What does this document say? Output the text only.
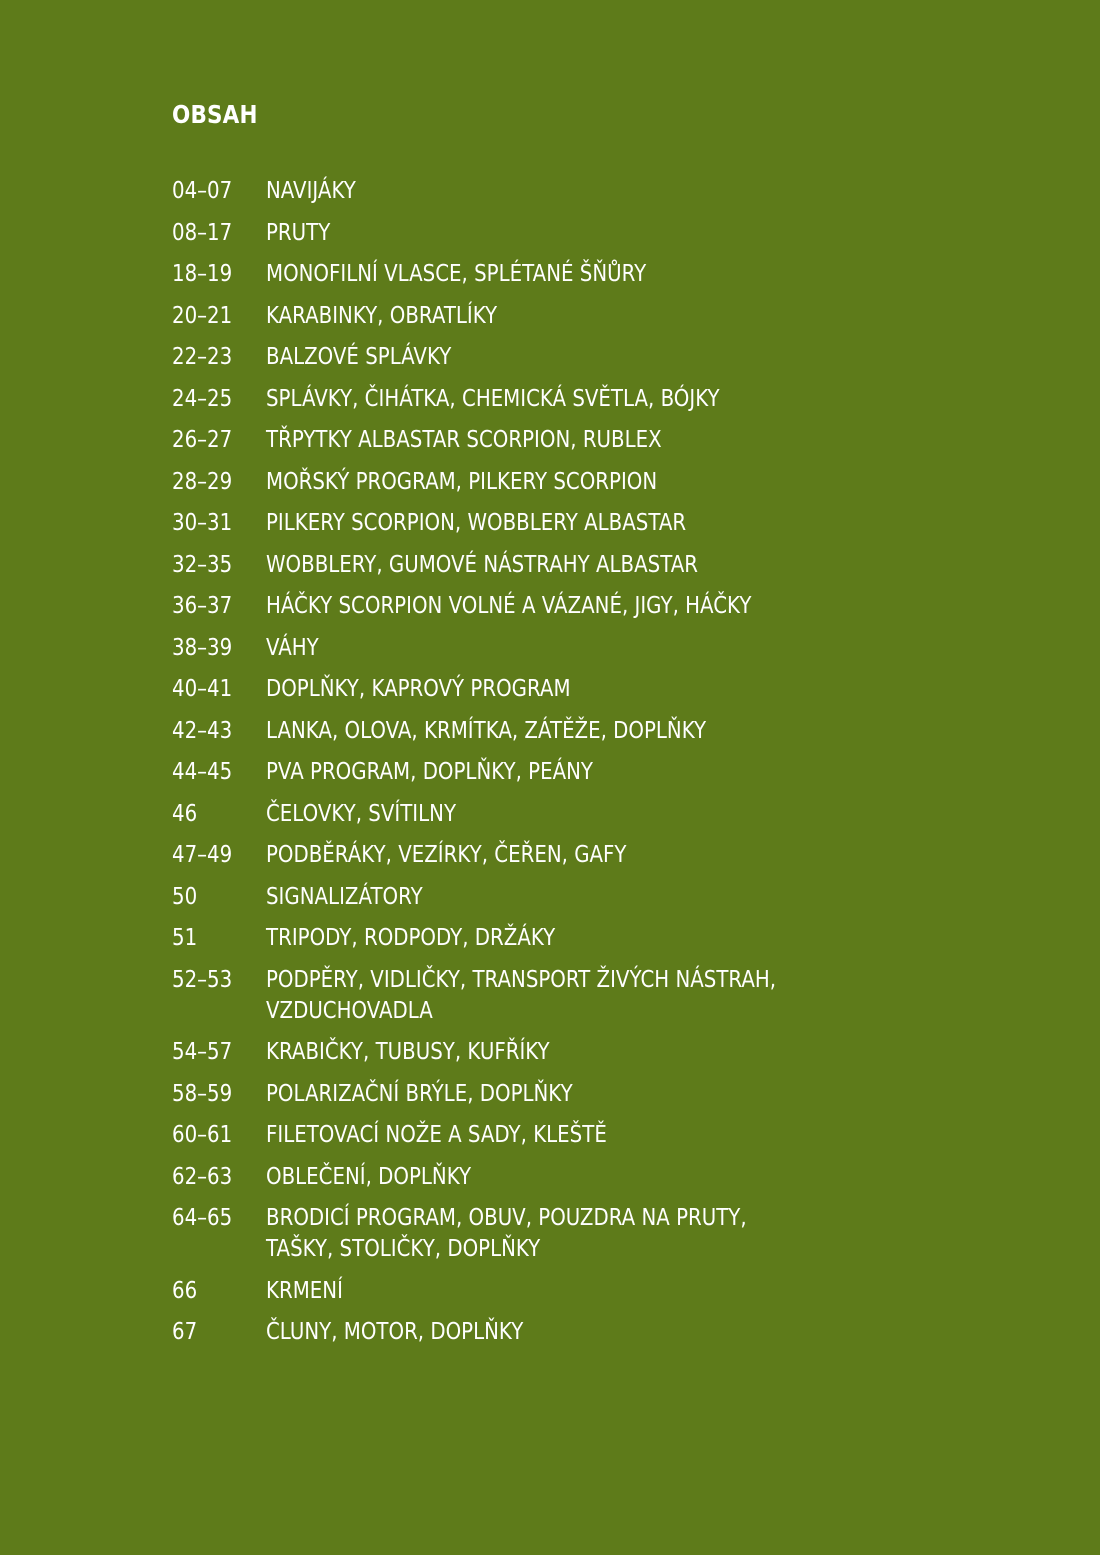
OBSAH
04–07	NAVIJÁKY
08–17	PRUTY
18–19	MONOFILNÍ VLASCE, SPLÉTANÉ ŠŇŮRY
20–21	KARABINKY, OBRATLÍKY
22–23	BALZOVÉ SPLÁVKY
24–25	SPLÁVKY, ČIHÁTKA, CHEMICKÁ SVĚTLA, BÓJKY
26–27	TŘPYTKY ALBASTAR SCORPION, RUBLEX
28–29	MOŘSKÝ PROGRAM, PILKERY SCORPION
30–31	PILKERY SCORPION, WOBBLERY ALBASTAR
32–35	WOBBLERY, GUMOVÉ NÁSTRAHY ALBASTAR
36–37	HÁČKY SCORPION VOLNÉ A VÁZANÉ, JIGY, HÁČKY
38–39	VÁHY
40–41	DOPLŇKY, KAPROVÝ PROGRAM
42–43	LANKA, OLOVA, KRMÍTKA, ZÁTĚŽE, DOPLŇKY
44–45	PVA PROGRAM, DOPLŇKY, PEÁNY
46	ČELOVKY, SVÍTILNY
47–49	PODBĚRÁKY, VEZÍRKY, ČEŘEN, GAFY
50	SIGNALIZÁTORY
51	TRIPODY, RODPODY, DRŽÁKY
52–53	PODPĚRY, VIDLIČKY, TRANSPORT ŽIVÝCH NÁSTRAH, VZDUCHOVADLA
54–57	KRABIČKY, TUBUSY, KUFŘÍKY
58–59	POLARIZAČNÍ BRÝLE, DOPLŇKY
60–61	FILETOVACÍ NOŽE A SADY, KLEŠTĚ
62–63	OBLEČENÍ, DOPLŇKY
64–65	BRODICÍ PROGRAM, OBUV, POUZDRA NA PRUTY, TAŠKY, STOLIČKY, DOPLŇKY
66	KRMENÍ
67	ČLUNY, MOTOR, DOPLŇKY
